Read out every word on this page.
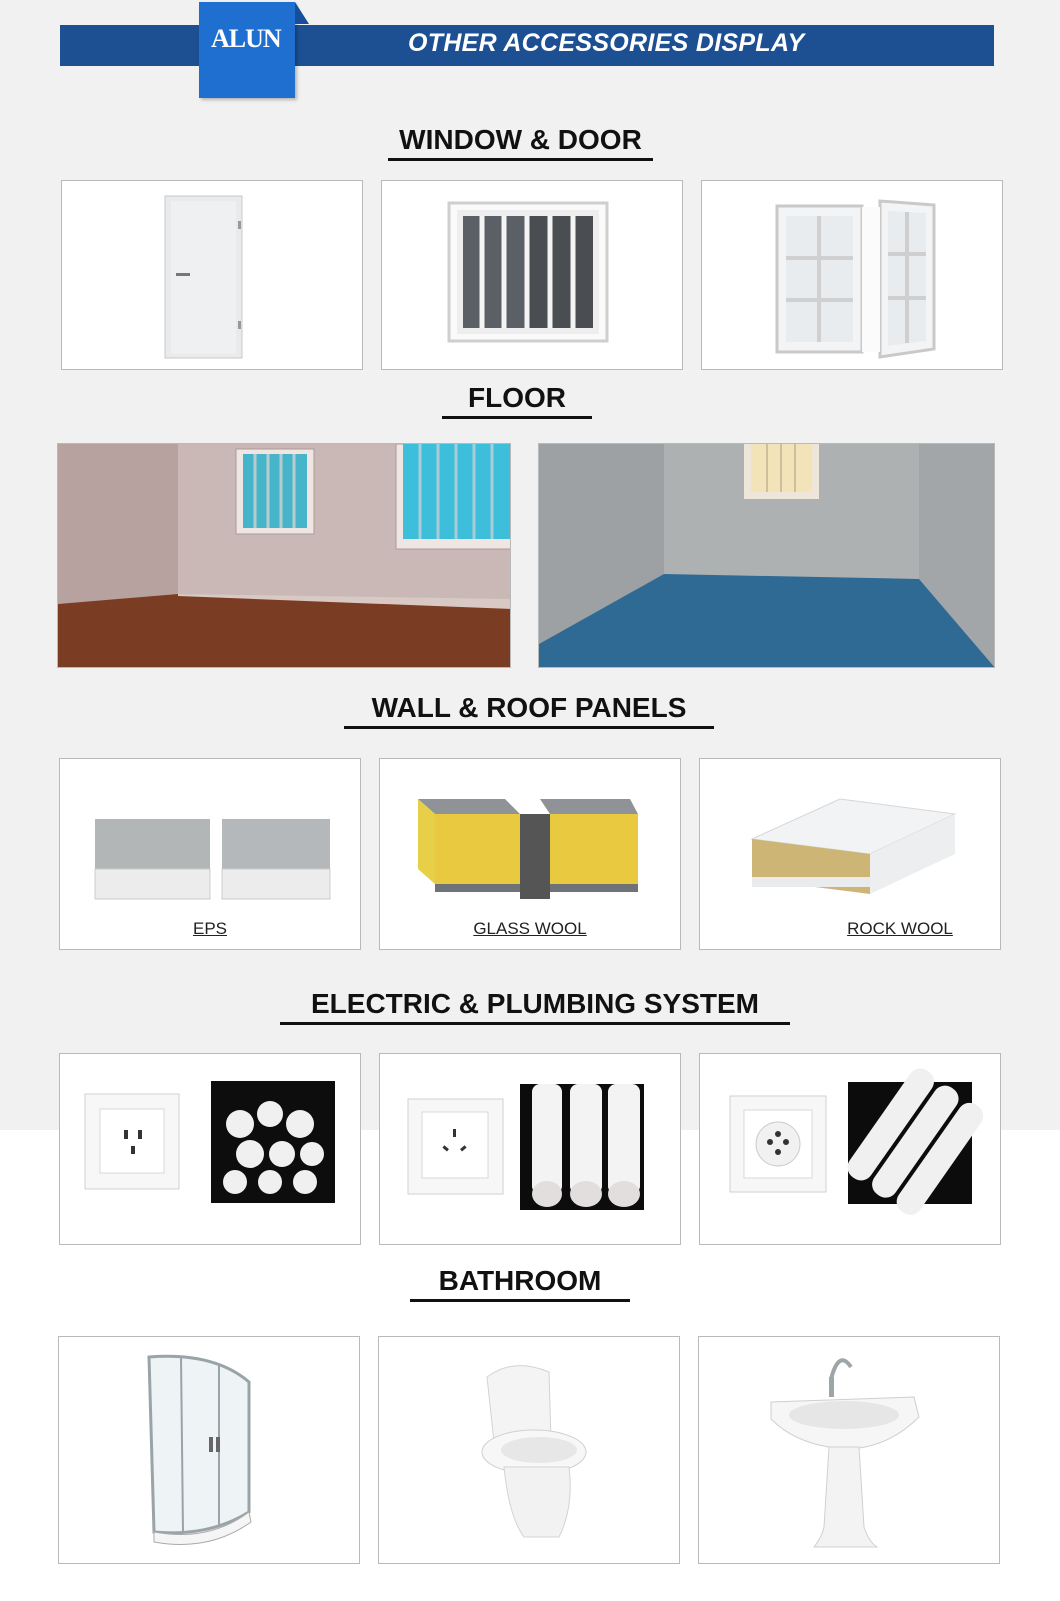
OTHER ACCESSORIES DISPLAY
ALUN
WINDOW & DOOR
FLOOR
WALL & ROOF PANELS
EPS	GLASS WOOL	ROCK WOOL
ELECTRIC & PLUMBING SYSTEM
BATHROOM
